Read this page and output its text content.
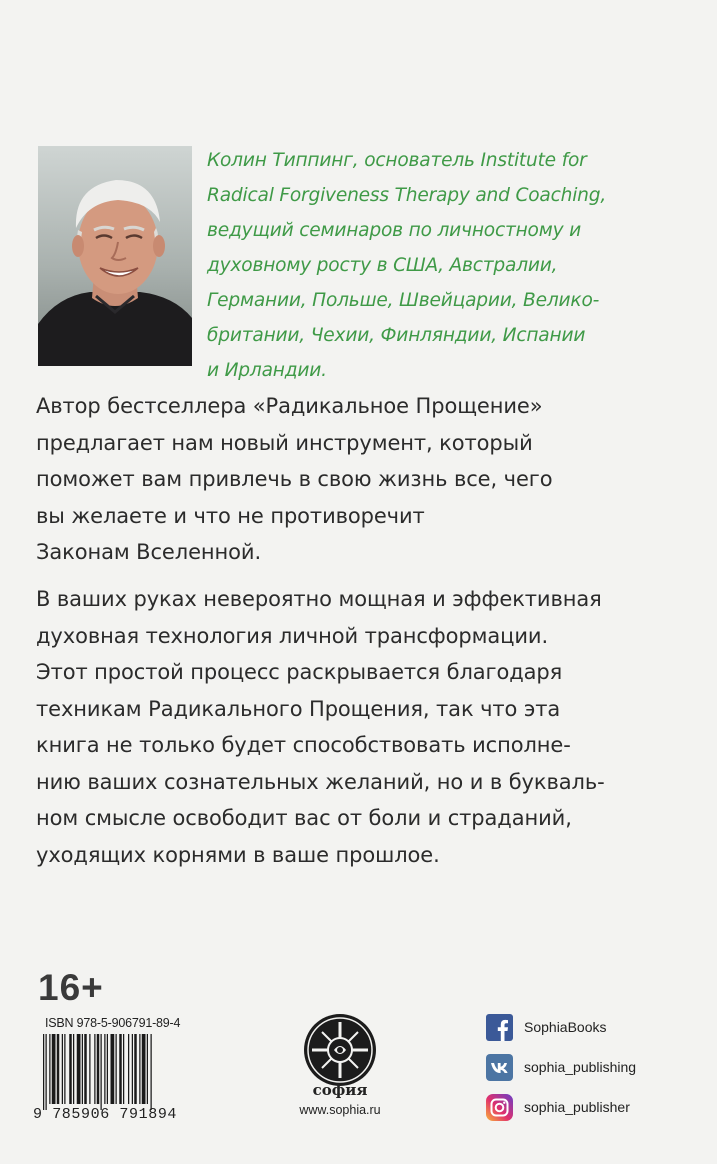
Колин Типпинг, основатель Institute for
Radical Forgiveness Therapy and Coaching,
ведущий семинаров по личностному и
духовному росту в США, Австралии,
Германии, Польше, Швейцарии, Велико-
британии, Чехии, Финляндии, Испании
и Ирландии.
Автор бестселлера «Радикальное Прощение»
предлагает нам новый инструмент, который
поможет вам привлечь в свою жизнь все, чего
вы желаете и что не противоречит
Законам Вселенной.
В ваших руках невероятно мощная и эффективная
духовная технология личной трансформации.
Этот простой процесс раскрывается благодаря
техникам Радикального Прощения, так что эта
книга не только будет способствовать исполне-
нию ваших сознательных желаний, но и в букваль-
ном смысле освободит вас от боли и страданий,
уходящих корнями в ваше прошлое.
16+
ISBN 978-5-906791-89-4
9 785906 791894
софия
www.sophia.ru
SophiaBooks
sophia_publishing
sophia_publisher
